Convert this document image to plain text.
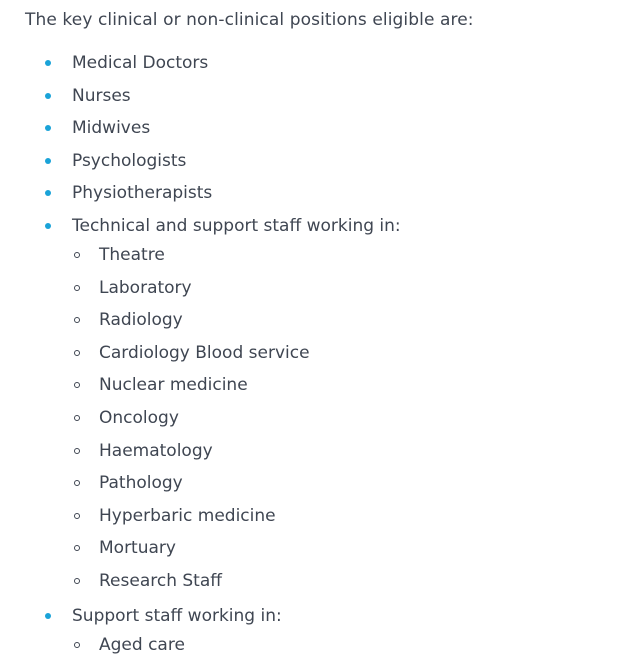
The key clinical or non-clinical positions eligible are:

Medical Doctors
Nurses
Midwives
Psychologists
Physiotherapists
Technical and support staff working in:
Theatre
Laboratory
Radiology
Cardiology Blood service
Nuclear medicine
Oncology
Haematology
Pathology
Hyperbaric medicine
Mortuary
Research Staff
Support staff working in:
Aged care
